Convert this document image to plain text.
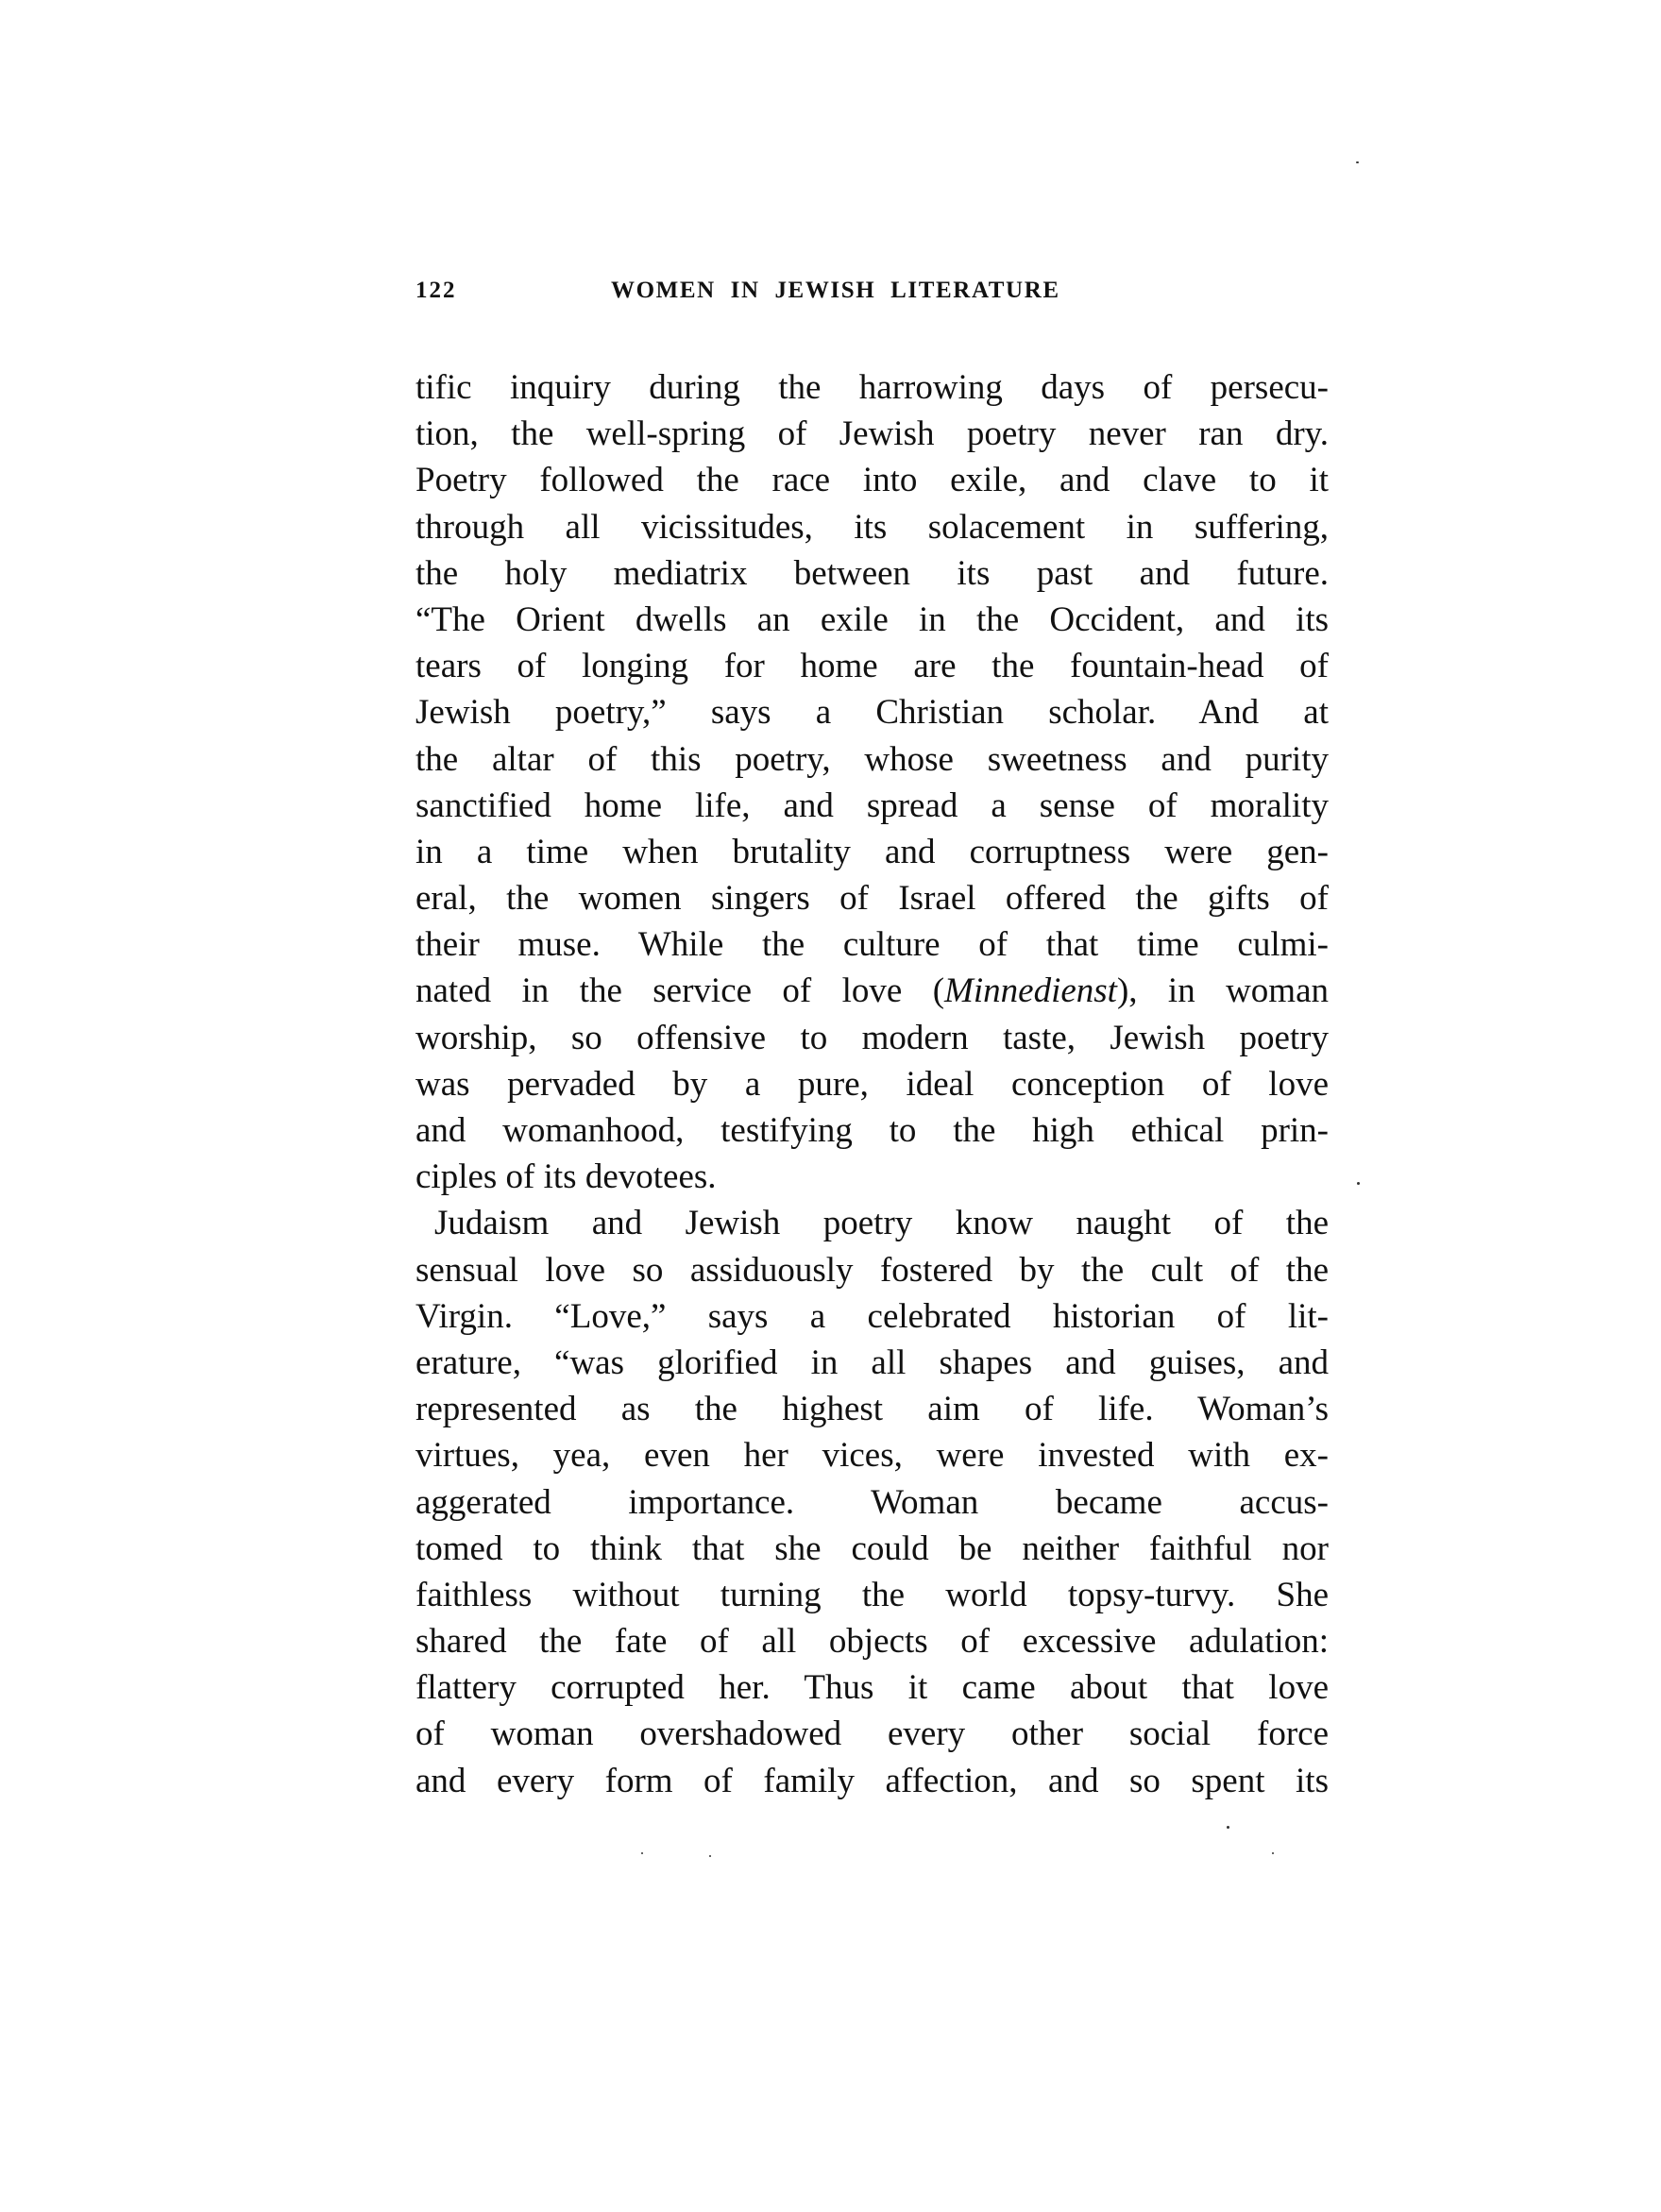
122	WOMEN IN JEWISH LITERATURE
tific inquiry during the harrowing days of persecu-
tion, the well-spring of Jewish poetry never ran dry.
Poetry followed the race into exile, and clave to it
through all vicissitudes, its solacement in suffering,
the holy mediatrix between its past and future.
“The Orient dwells an exile in the Occident, and its
tears of longing for home are the fountain-head of
Jewish poetry,” says a Christian scholar. And at
the altar of this poetry, whose sweetness and purity
sanctified home life, and spread a sense of morality
in a time when brutality and corruptness were gen-
eral, the women singers of Israel offered the gifts of
their muse. While the culture of that time culmi-
nated in the service of love (Minnedienst), in woman
worship, so offensive to modern taste, Jewish poetry
was pervaded by a pure, ideal conception of love
and womanhood, testifying to the high ethical prin-
ciples of its devotees.
Judaism and Jewish poetry know naught of the
sensual love so assiduously fostered by the cult of the
Virgin. “Love,” says a celebrated historian of lit-
erature, “was glorified in all shapes and guises, and
represented as the highest aim of life. Woman’s
virtues, yea, even her vices, were invested with ex-
aggerated importance. Woman became accus-
tomed to think that she could be neither faithful nor
faithless without turning the world topsy-turvy. She
shared the fate of all objects of excessive adulation:
flattery corrupted her. Thus it came about that love
of woman overshadowed every other social force
and every form of family affection, and so spent its
